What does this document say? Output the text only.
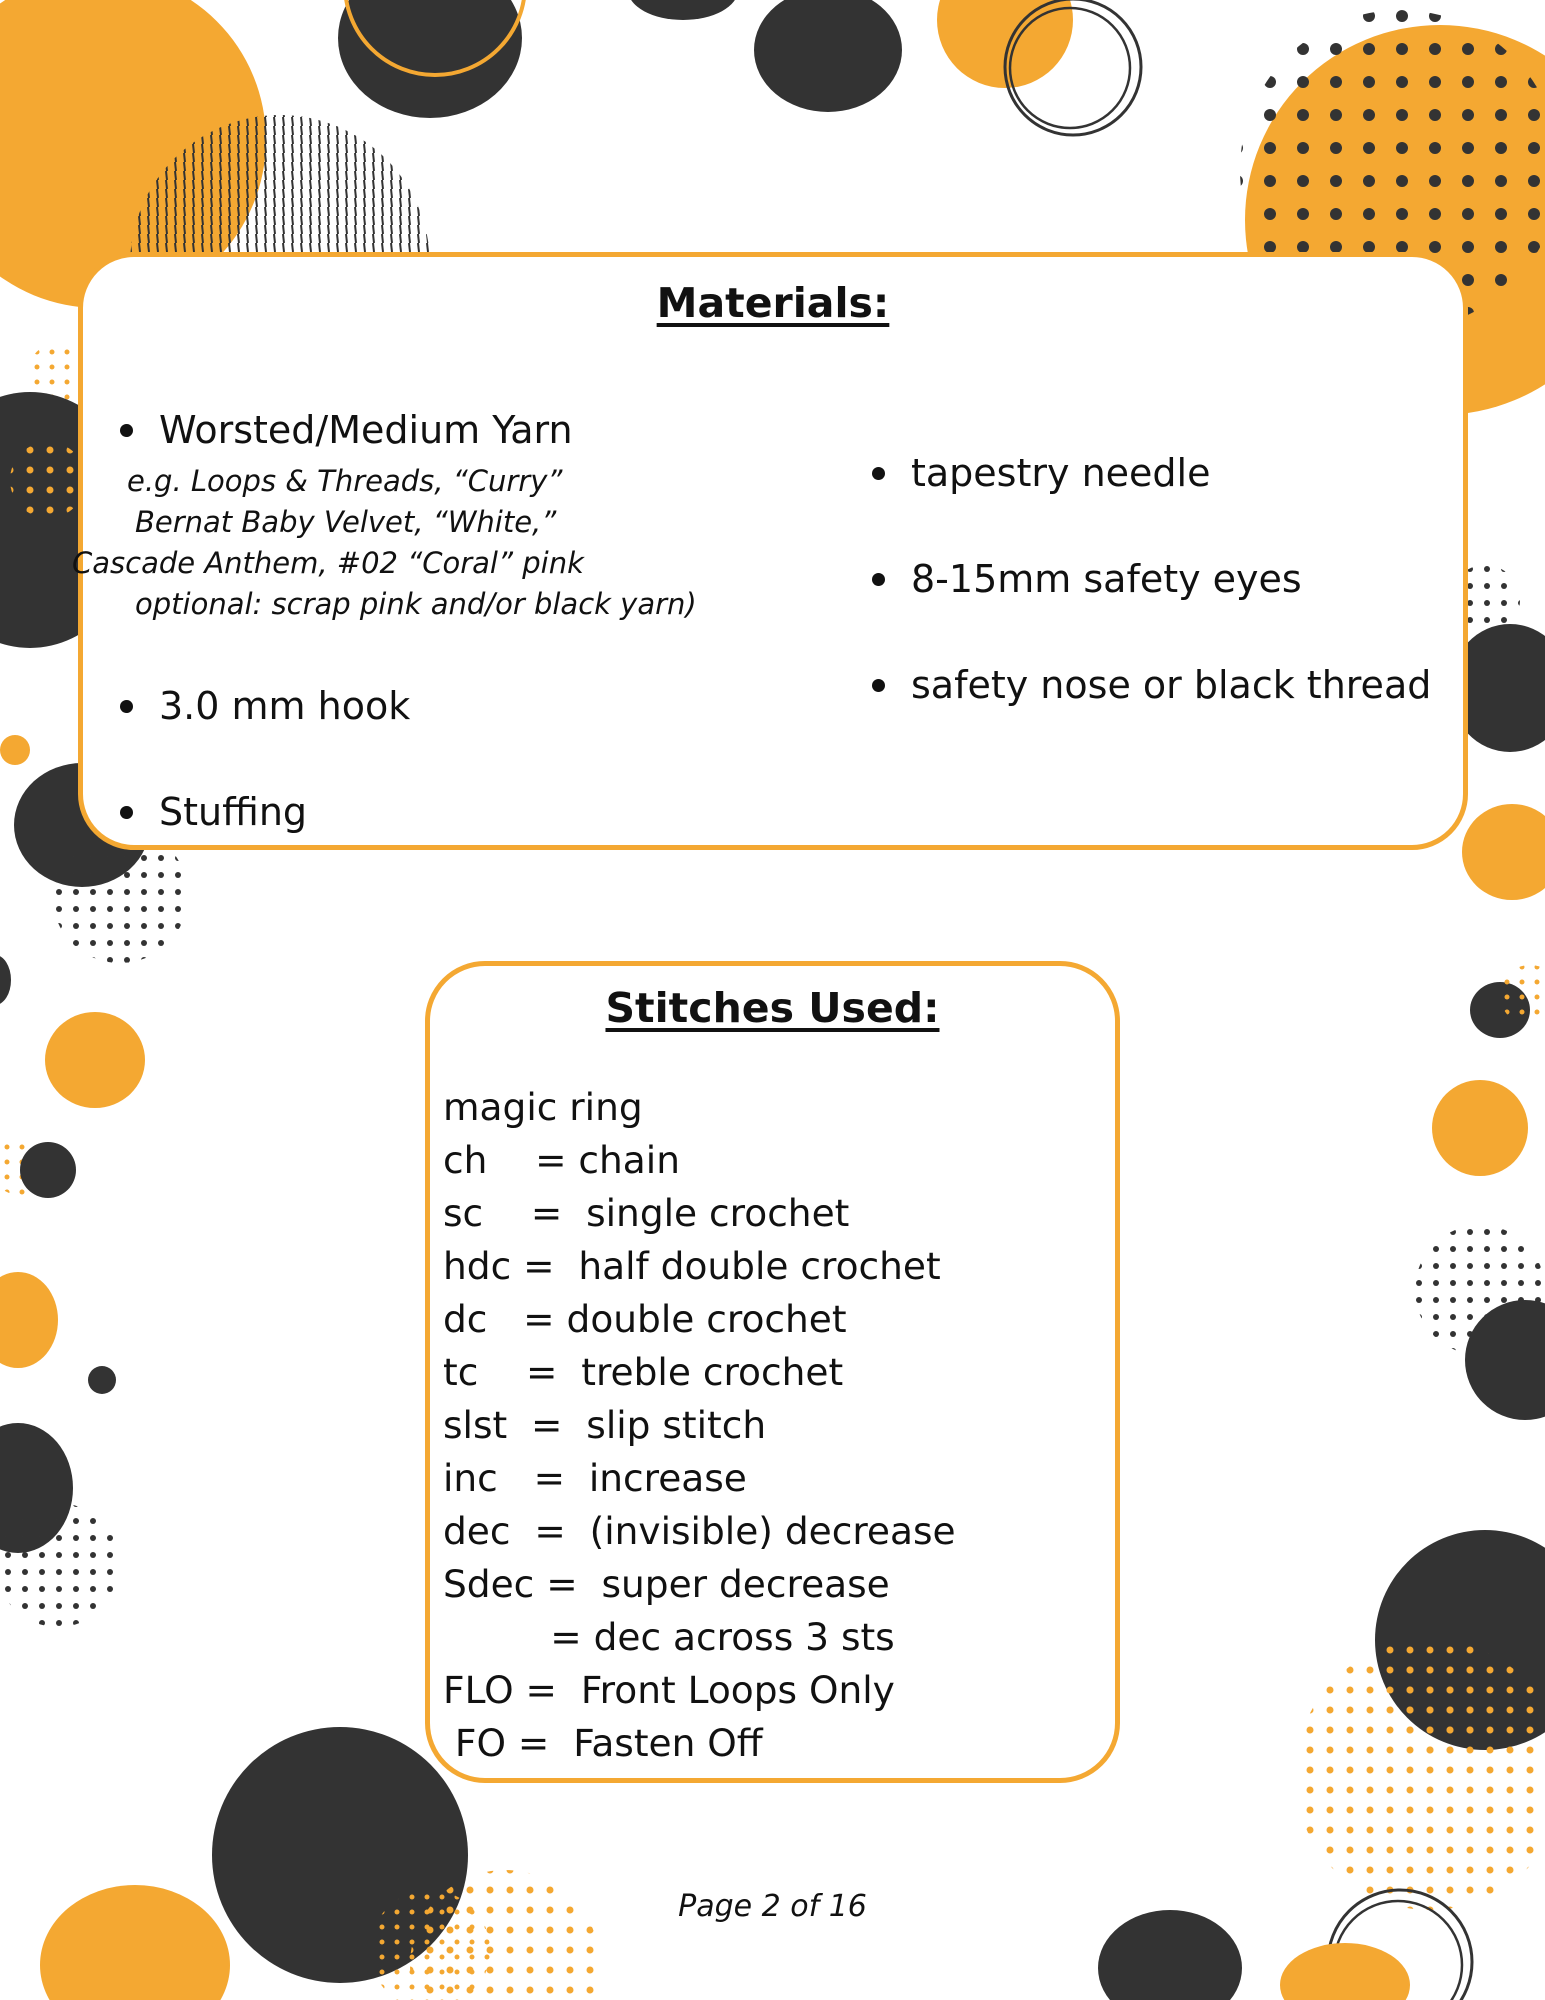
Materials:
Worsted/Medium Yarn
e.g. Loops & Threads, “Curry”
Bernat Baby Velvet, “White,”
Cascade Anthem, #02 “Coral” pink
optional: scrap pink and/or black yarn)
3.0 mm hook
Stuffing
tapestry needle
8-15mm safety eyes
safety nose or black thread
Stitches Used:
magic ring
ch    = chain
sc    =  single crochet
hdc =  half double crochet
dc   = double crochet
tc    =  treble crochet
slst  =  slip stitch
inc   =  increase
dec  =  (invisible) decrease
Sdec =  super decrease
= dec across 3 sts
FLO =  Front Loops Only
FO =  Fasten Off
Page 2 of 16
